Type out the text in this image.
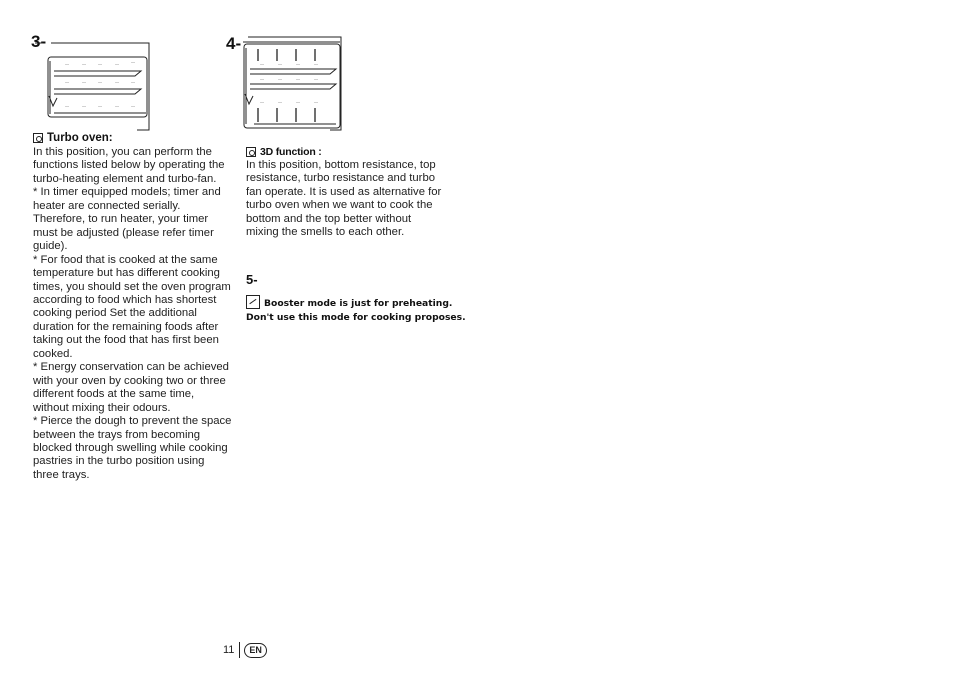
3-
~~	~~	~~	~~	~~
~~	~~	~~	~~	~~
~~	~~	~~	~~	~~
Turbo oven:

In this position, you can perform the functions listed below by operating the turbo-heating element and turbo-fan.

* In timer equipped models; timer and heater are connected serially. Therefore, to run heater, your timer must be adjusted (please refer timer guide).

* For food that is cooked at the same temperature but has different cooking times, you should set the oven program according to food which has shortest cooking period Set the additional duration for the remaining foods after taking out the food that has first been cooked.

* Energy conservation can be achieved with your oven by cooking two or three different foods at the same time, without mixing their odours.

* Pierce the dough to prevent the space between the trays from becoming blocked through swelling while cooking pastries in the turbo position using three trays.

4-
~~	~~	~~	~~
~~	~~	~~	~~
~~	~~	~~	~~
3D function :

In this position, bottom resistance, top resistance, turbo resistance and turbo fan operate. It is used as alternative for turbo oven when we want to cook the bottom and the top better without mixing the smells to each other.

5-
Booster mode is just for preheating.
Don't use this mode for cooking proposes.
11	EN
